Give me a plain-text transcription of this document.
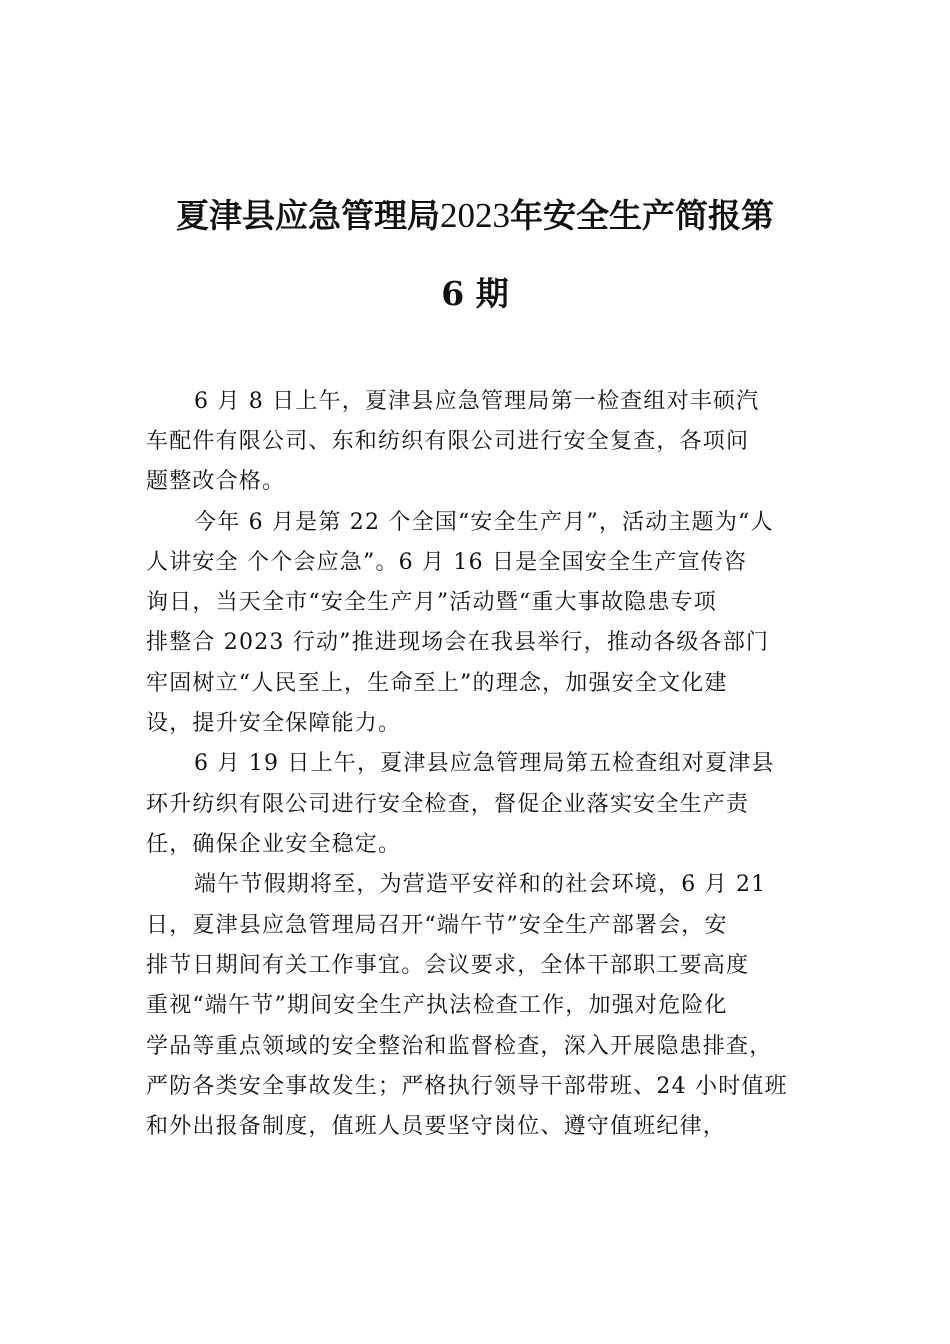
夏津县应急管理局2023年安全生产简报第
6 期

6 月 8 日上午，夏津县应急管理局第一检查组对丰硕汽

车配件有限公司、东和纺织有限公司进行安全复查，各项问

题整改合格。

今年 6 月是第 22 个全国“安全生产月”，活动主题为“人

人讲安全 个个会应急”。6 月 16 日是全国安全生产宣传咨

询日，当天全市“安全生产月”活动暨“重大事故隐患专项

排整合 2023 行动”推进现场会在我县举行，推动各级各部门

牢固树立“人民至上，生命至上”的理念，加强安全文化建

设，提升安全保障能力。

6 月 19 日上午，夏津县应急管理局第五检查组对夏津县

环升纺织有限公司进行安全检查，督促企业落实安全生产责

任，确保企业安全稳定。

端午节假期将至，为营造平安祥和的社会环境，6 月 21

日，夏津县应急管理局召开“端午节”安全生产部署会，安

排节日期间有关工作事宜。会议要求，全体干部职工要高度

重视“端午节”期间安全生产执法检查工作，加强对危险化

学品等重点领域的安全整治和监督检查，深入开展隐患排查，

严防各类安全事故发生；严格执行领导干部带班、24 小时值班

和外出报备制度，值班人员要坚守岗位、遵守值班纪律，
